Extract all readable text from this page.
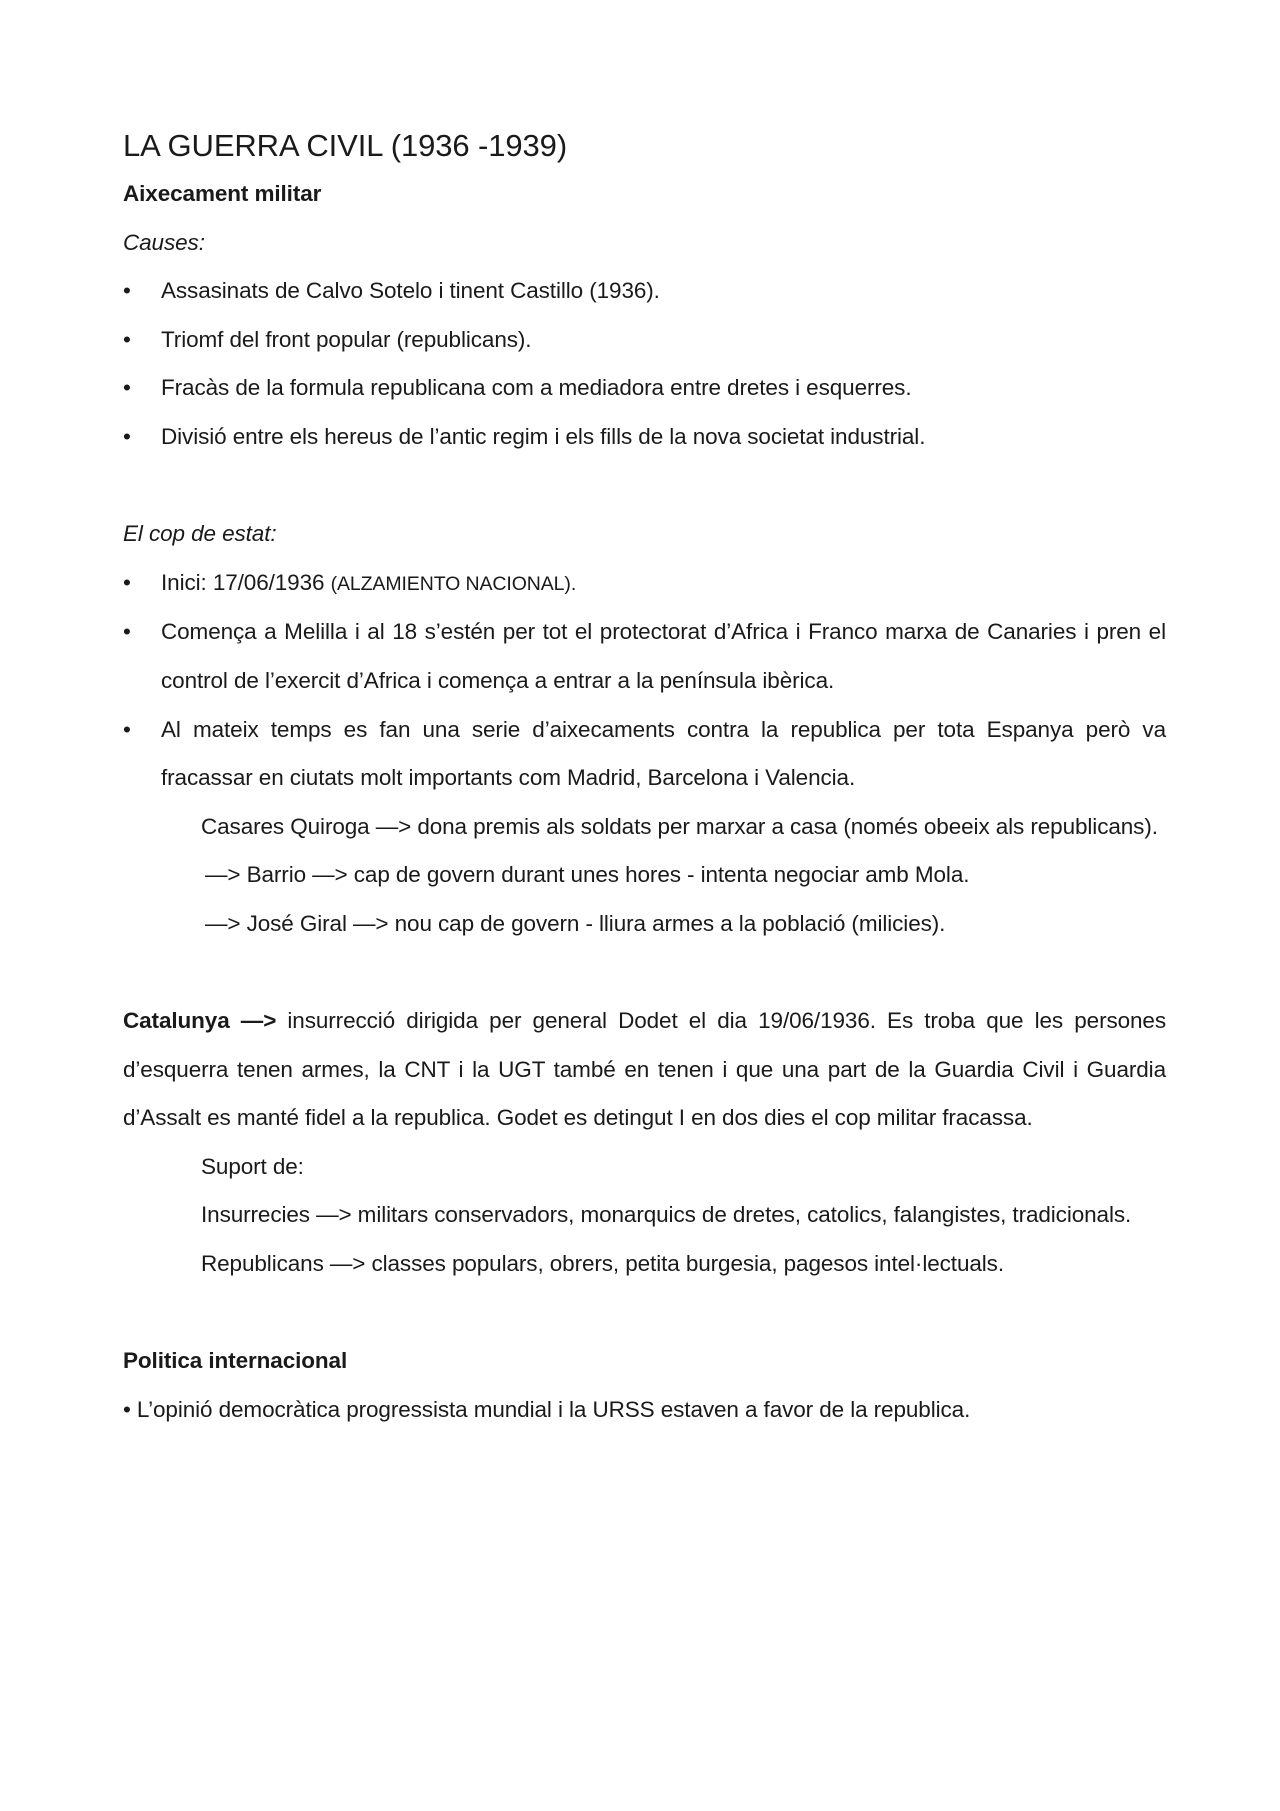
LA GUERRA CIVIL (1936 -1939)
Aixecament militar
Causes:
•	Assasinats de Calvo Sotelo i tinent Castillo (1936).
•	Triomf del front popular (republicans).
•	Fracàs de la formula republicana com a mediadora entre dretes i esquerres.
•	Divisió entre els hereus de l’antic regim i els fills de la nova societat industrial.
El cop de estat:
•	Inici: 17/06/1936 (ALZAMIENTO NACIONAL).
•	Comença a Melilla i al 18 s’estén per tot el protectorat d’Africa i Franco marxa de Canaries i pren el control de l’exercit d’Africa i comença a entrar a la península ibèrica.
•	Al mateix temps es fan una serie d’aixecaments contra la republica per tota Espanya però va fracassar en ciutats molt importants com Madrid, Barcelona i Valencia.
Casares Quiroga —> dona premis als soldats per marxar a casa (només obeeix als republicans).
—> Barrio —> cap de govern durant unes hores - intenta negociar amb Mola.
—> José Giral —> nou cap de govern - lliura armes a la població (milicies).
Catalunya —> insurrecció dirigida per general Dodet el dia 19/06/1936. Es troba que les persones d’esquerra tenen armes, la CNT i la UGT també en tenen i que una part de la Guardia Civil i Guardia d’Assalt es manté fidel a la republica. Godet es detingut I en dos dies el cop militar fracassa.
Suport de:
Insurrecies —> militars conservadors, monarquics de dretes, catolics, falangistes, tradicionals.
Republicans —> classes populars, obrers, petita burgesia, pagesos intel·lectuals.
Politica internacional
• L’opinió democràtica progressista mundial i la URSS estaven a favor de la republica.
